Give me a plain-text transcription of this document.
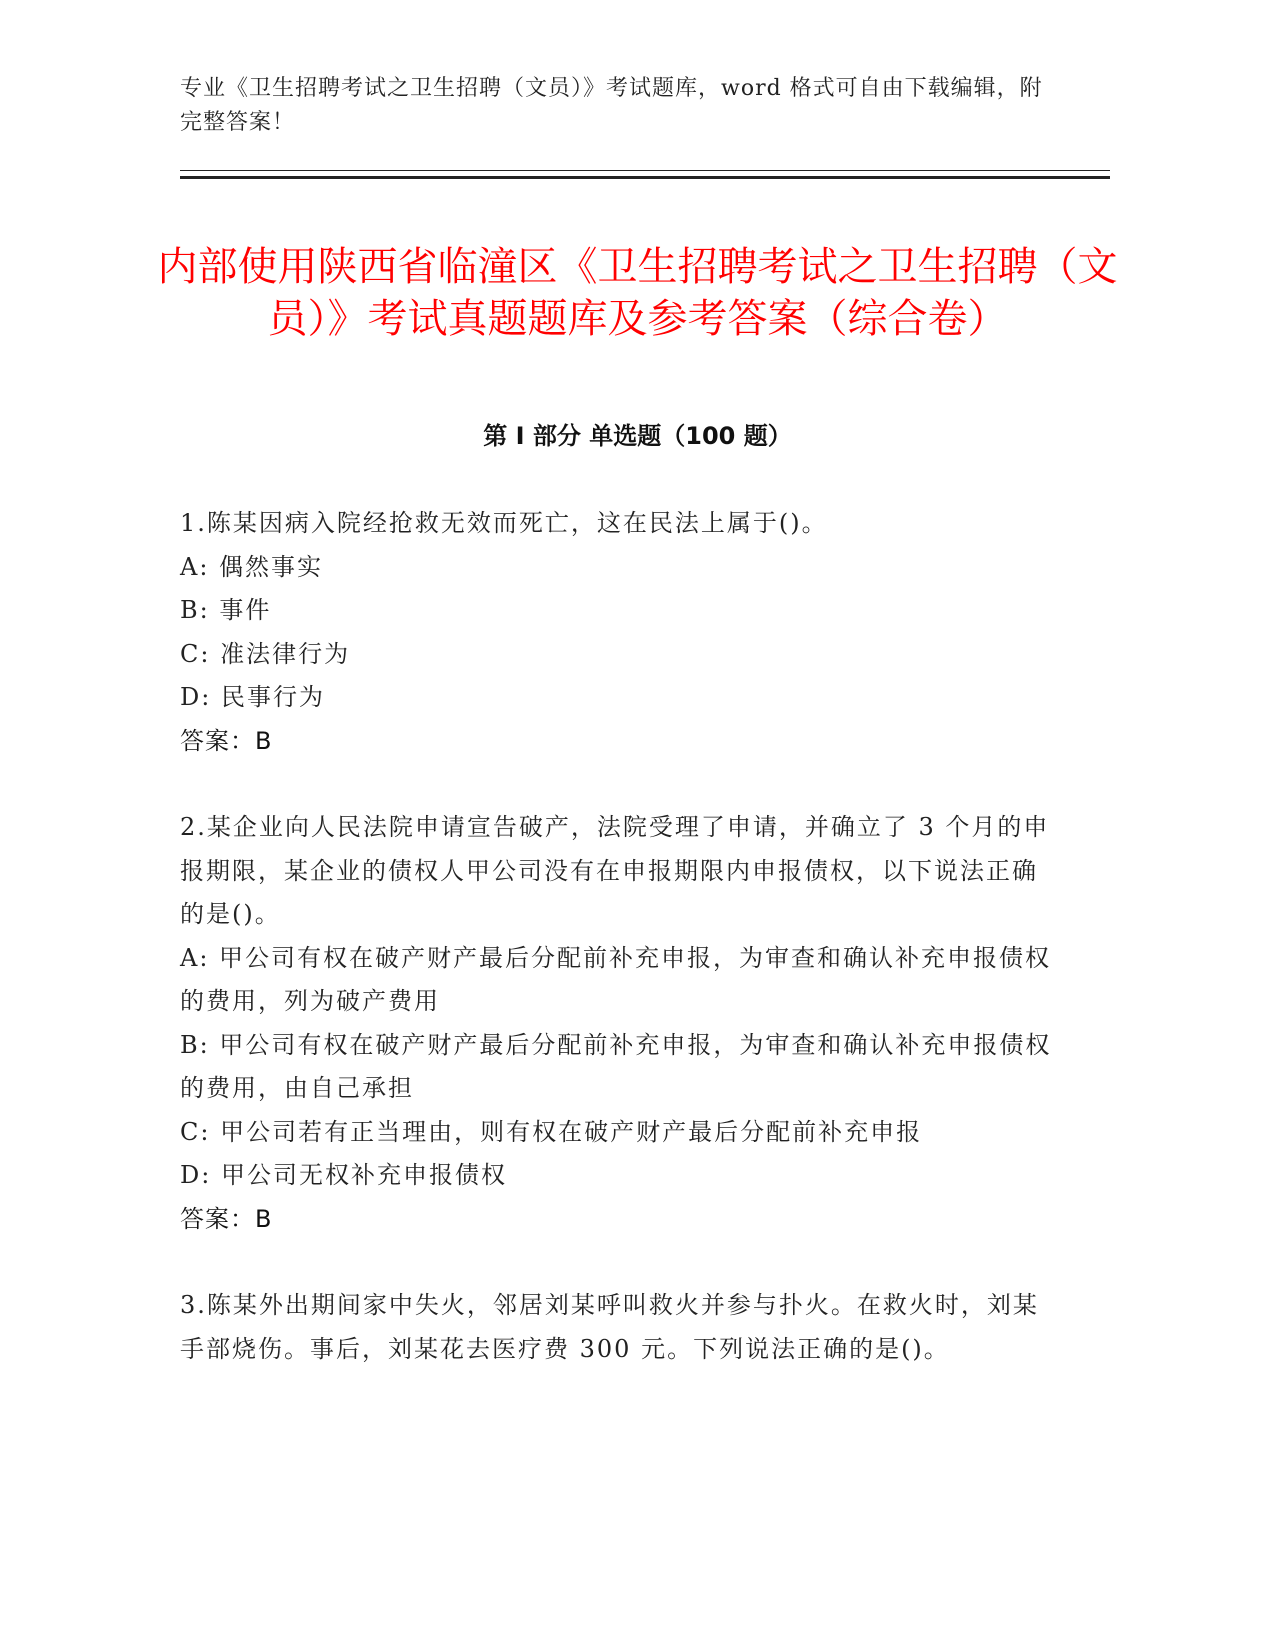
专业《卫生招聘考试之卫生招聘（文员）》考试题库，word 格式可自由下载编辑，附完整答案！
内部使用陕西省临潼区《卫生招聘考试之卫生招聘（文员）》考试真题题库及参考答案（综合卷）
第 I 部分 单选题（100 题）

1.陈某因病入院经抢救无效而死亡，这在民法上属于()。

A: 偶然事实

B: 事件

C: 准法律行为

D: 民事行为

答案：B

2.某企业向人民法院申请宣告破产，法院受理了申请，并确立了 3 个月的申报期限，某企业的债权人甲公司没有在申报期限内申报债权，以下说法正确的是()。

A: 甲公司有权在破产财产最后分配前补充申报，为审查和确认补充申报债权的费用，列为破产费用

B: 甲公司有权在破产财产最后分配前补充申报，为审查和确认补充申报债权的费用，由自己承担

C: 甲公司若有正当理由，则有权在破产财产最后分配前补充申报

D: 甲公司无权补充申报债权

答案：B

3.陈某外出期间家中失火，邻居刘某呼叫救火并参与扑火。在救火时，刘某手部烧伤。事后，刘某花去医疗费 300 元。下列说法正确的是()。
